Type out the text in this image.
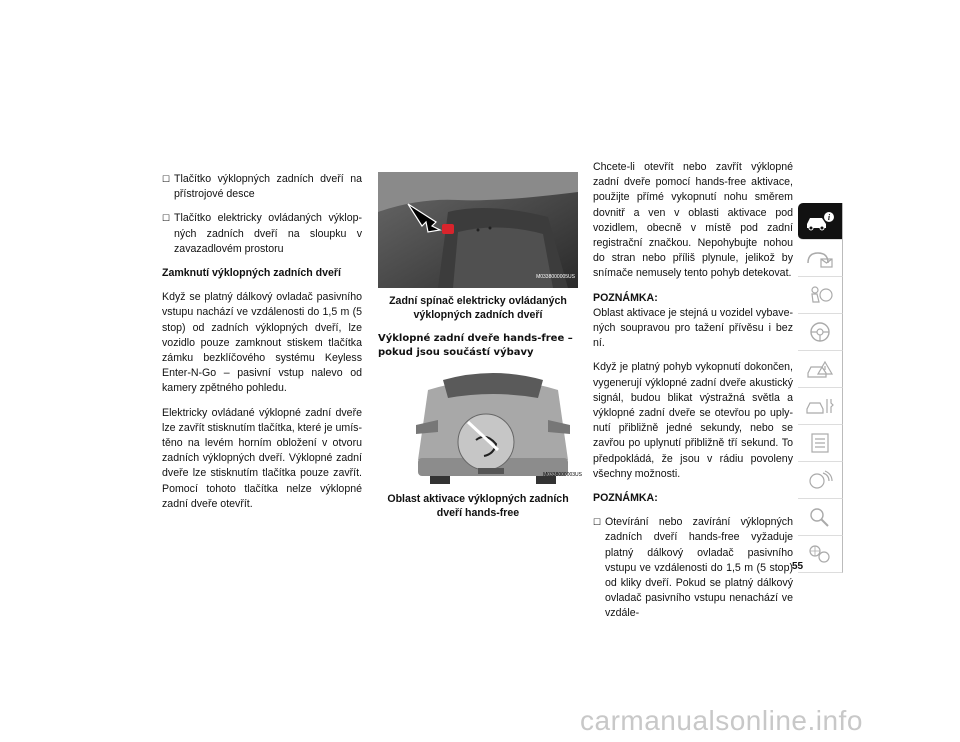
☐ Tlačítko výklopných zadních dveří na přístrojové desce
☐ Tlačítko elektricky ovládaných výklop-ných zadních dveří na sloupku v zavazadlovém prostoru

Zamknutí výklopných zadních dveří

Když se platný dálkový ovladač pasivního vstupu nachází ve vzdálenosti do 1,5 m (5 stop) od zadních výklopných dveří, lze vozidlo pouze zamknout stiskem tlačítka zámku bezklíčového systému Keyless Enter-N-Go – pasivní vstup nalevo od kamery zpětného pohledu.

Elektricky ovládané výklopné zadní dveře lze zavřít stisknutím tlačítka, které je umís-těno na levém horním obložení v otvoru zadních výklopných dveří. Výklopné zadní dveře lze stisknutím tlačítka pouze zavřít. Pomocí tohoto tlačítka nelze výklopné zadní dveře otevřít.

M0338000005US
Zadní spínač elektricky ovládaných výklopných zadních dveří
Výklopné zadní dveře hands-free – pokud jsou součástí výbavy
M0338000003US
Oblast aktivace výklopných zadních dveří hands-free

Chcete-li otevřít nebo zavřít výklopné zadní dveře pomocí hands-free aktivace, použijte přímé vykopnutí nohu směrem dovnitř a ven v oblasti aktivace pod vozidlem, obecně v místě pod zadní registrační značkou. Nepohybujte nohou do stran nebo příliš plynule, jelikož by snímače nemusely tento pohyb detekovat.

POZNÁMKA:
Oblast aktivace je stejná u vozidel vybave-ných soupravou pro tažení přívěsu i bez ní.

Když je platný pohyb vykopnutí dokončen, vygenerují výklopné zadní dveře akustický signál, budou blikat výstražná světla a výklopné zadní dveře se otevřou po uply-nutí přibližně jedné sekundy, nebo se zavřou po uplynutí přibližně tří sekund. To předpokládá, že jsou v rádiu povoleny všechny možnosti.

POZNÁMKA:

☐ Otevírání nebo zavírání výklopných zadních dveří hands-free vyžaduje platný dálkový ovladač pasivního vstupu ve vzdálenosti do 1,5 m (5 stop) od kliky dveří. Pokud se platný dálkový ovladač pasivního vstupu nenachází ve vzdále-
i
55
carmanualsonline.info
